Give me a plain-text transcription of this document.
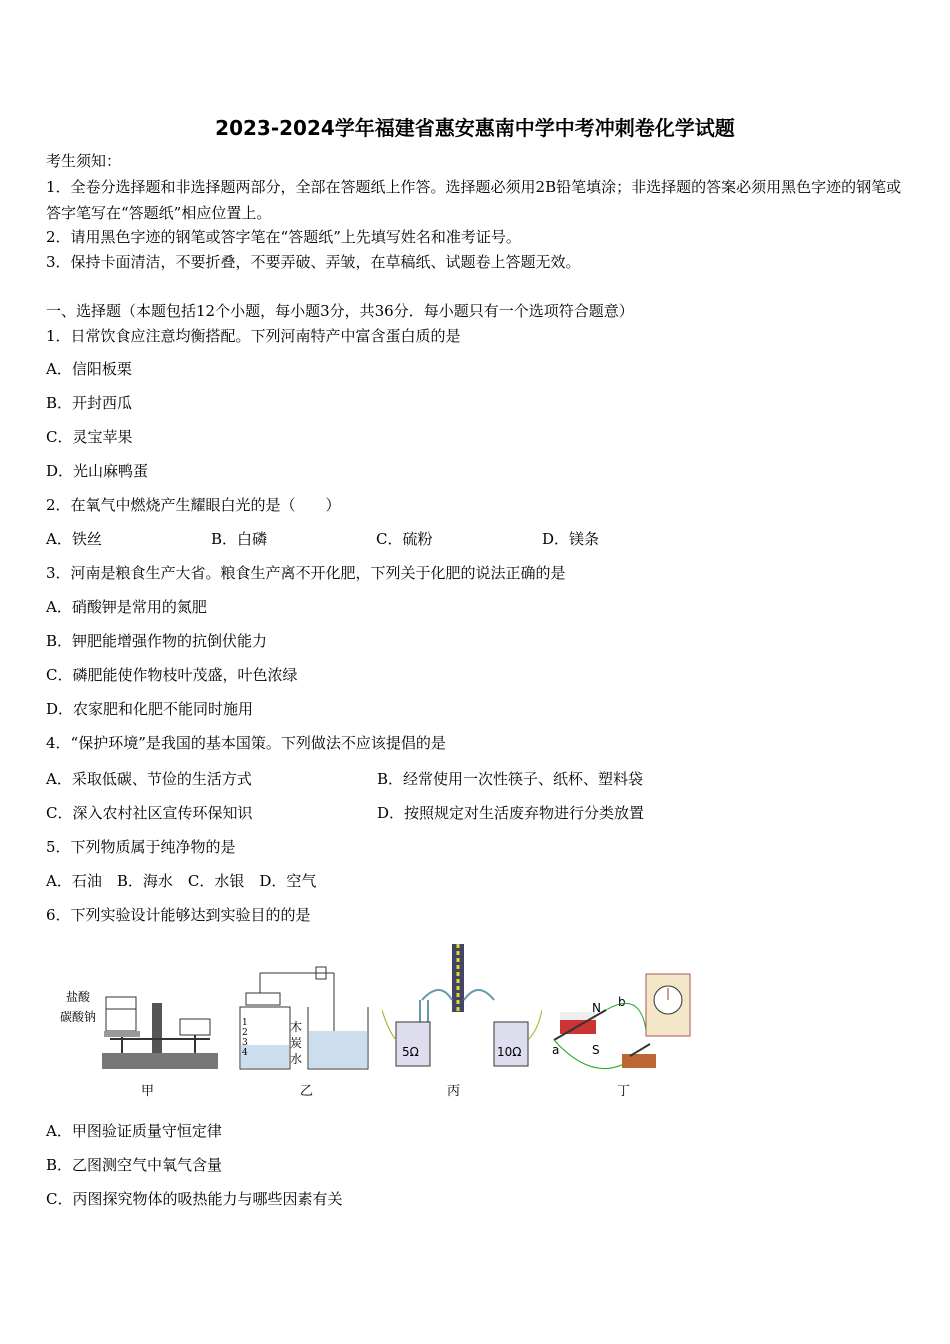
2023-2024学年福建省惠安惠南中学中考冲刺卷化学试题
考生须知：
1．全卷分选择题和非选择题两部分，全部在答题纸上作答。选择题必须用2B铅笔填涂；非选择题的答案必须用黑色字迹的钢笔或答字笔写在“答题纸”相应位置上。
2．请用黑色字迹的钢笔或答字笔在“答题纸”上先填写姓名和准考证号。
3．保持卡面清洁，不要折叠，不要弄破、弄皱，在草稿纸、试题卷上答题无效。
一、选择题（本题包括12个小题，每小题3分，共36分．每小题只有一个选项符合题意）
1．日常饮食应注意均衡搭配。下列河南特产中富含蛋白质的是
A．信阳板栗
B．开封西瓜
C．灵宝苹果
D．光山麻鸭蛋
2．在氧气中燃烧产生耀眼白光的是（　　）
A．铁丝	B．白磷	C．硫粉	D．镁条
3．河南是粮食生产大省。粮食生产离不开化肥，下列关于化肥的说法正确的是
A．硝酸钾是常用的氮肥
B．钾肥能增强作物的抗倒伏能力
C．磷肥能使作物枝叶茂盛，叶色浓绿
D．农家肥和化肥不能同时施用
4．“保护环境”是我国的基本国策。下列做法不应该提倡的是
A．采取低碳、节俭的生活方式	B．经常使用一次性筷子、纸杯、塑料袋
C．深入农村社区宣传环保知识	D．按照规定对生活废弃物进行分类放置
5．下列物质属于纯净物的是
A．石油　B．海水　C．水银　D．空气
6．下列实验设计能够达到实验目的的是
盐酸
碳酸钠
甲
1
2
3
4
木
炭
水
乙
5Ω	10Ω
丙
N
S
a
b
丁
A．甲图验证质量守恒定律
B．乙图测空气中氧气含量
C．丙图探究物体的吸热能力与哪些因素有关
